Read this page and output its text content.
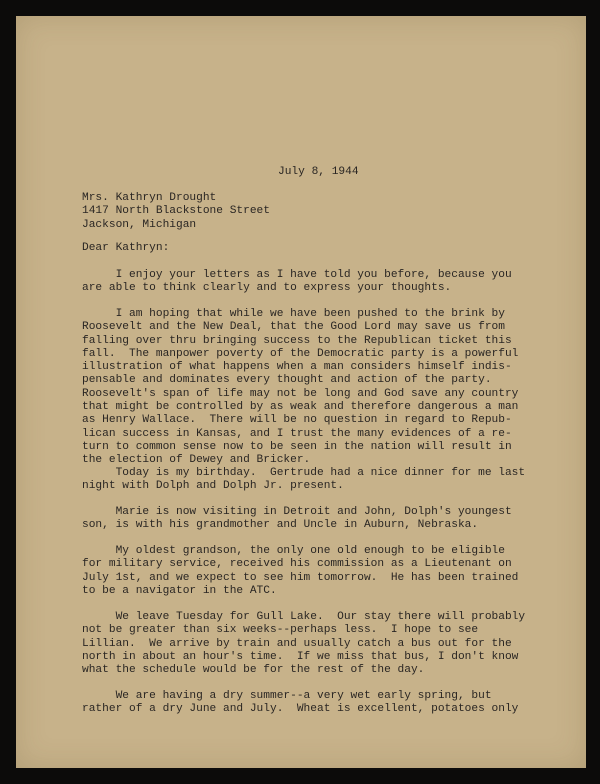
July 8, 1944
Mrs. Kathryn Drought
1417 North Blackstone Street
Jackson, Michigan
Dear Kathryn:
I enjoy your letters as I have told you before, because you
are able to think clearly and to express your thoughts.
I am hoping that while we have been pushed to the brink by
Roosevelt and the New Deal, that the Good Lord may save us from
falling over thru bringing success to the Republican ticket this
fall.  The manpower poverty of the Democratic party is a powerful
illustration of what happens when a man considers himself indis-
pensable and dominates every thought and action of the party.
Roosevelt's span of life may not be long and God save any country
that might be controlled by as weak and therefore dangerous a man
as Henry Wallace.  There will be no question in regard to Repub-
lican success in Kansas, and I trust the many evidences of a re-
turn to common sense now to be seen in the nation will result in
the election of Dewey and Bricker.
Today is my birthday.  Gertrude had a nice dinner for me last
night with Dolph and Dolph Jr. present.
Marie is now visiting in Detroit and John, Dolph's youngest
son, is with his grandmother and Uncle in Auburn, Nebraska.
My oldest grandson, the only one old enough to be eligible
for military service, received his commission as a Lieutenant on
July 1st, and we expect to see him tomorrow.  He has been trained
to be a navigator in the ATC.
We leave Tuesday for Gull Lake.  Our stay there will probably
not be greater than six weeks--perhaps less.  I hope to see
Lillian.  We arrive by train and usually catch a bus out for the
north in about an hour's time.  If we miss that bus, I don't know
what the schedule would be for the rest of the day.
We are having a dry summer--a very wet early spring, but
rather of a dry June and July.  Wheat is excellent, potatoes only
